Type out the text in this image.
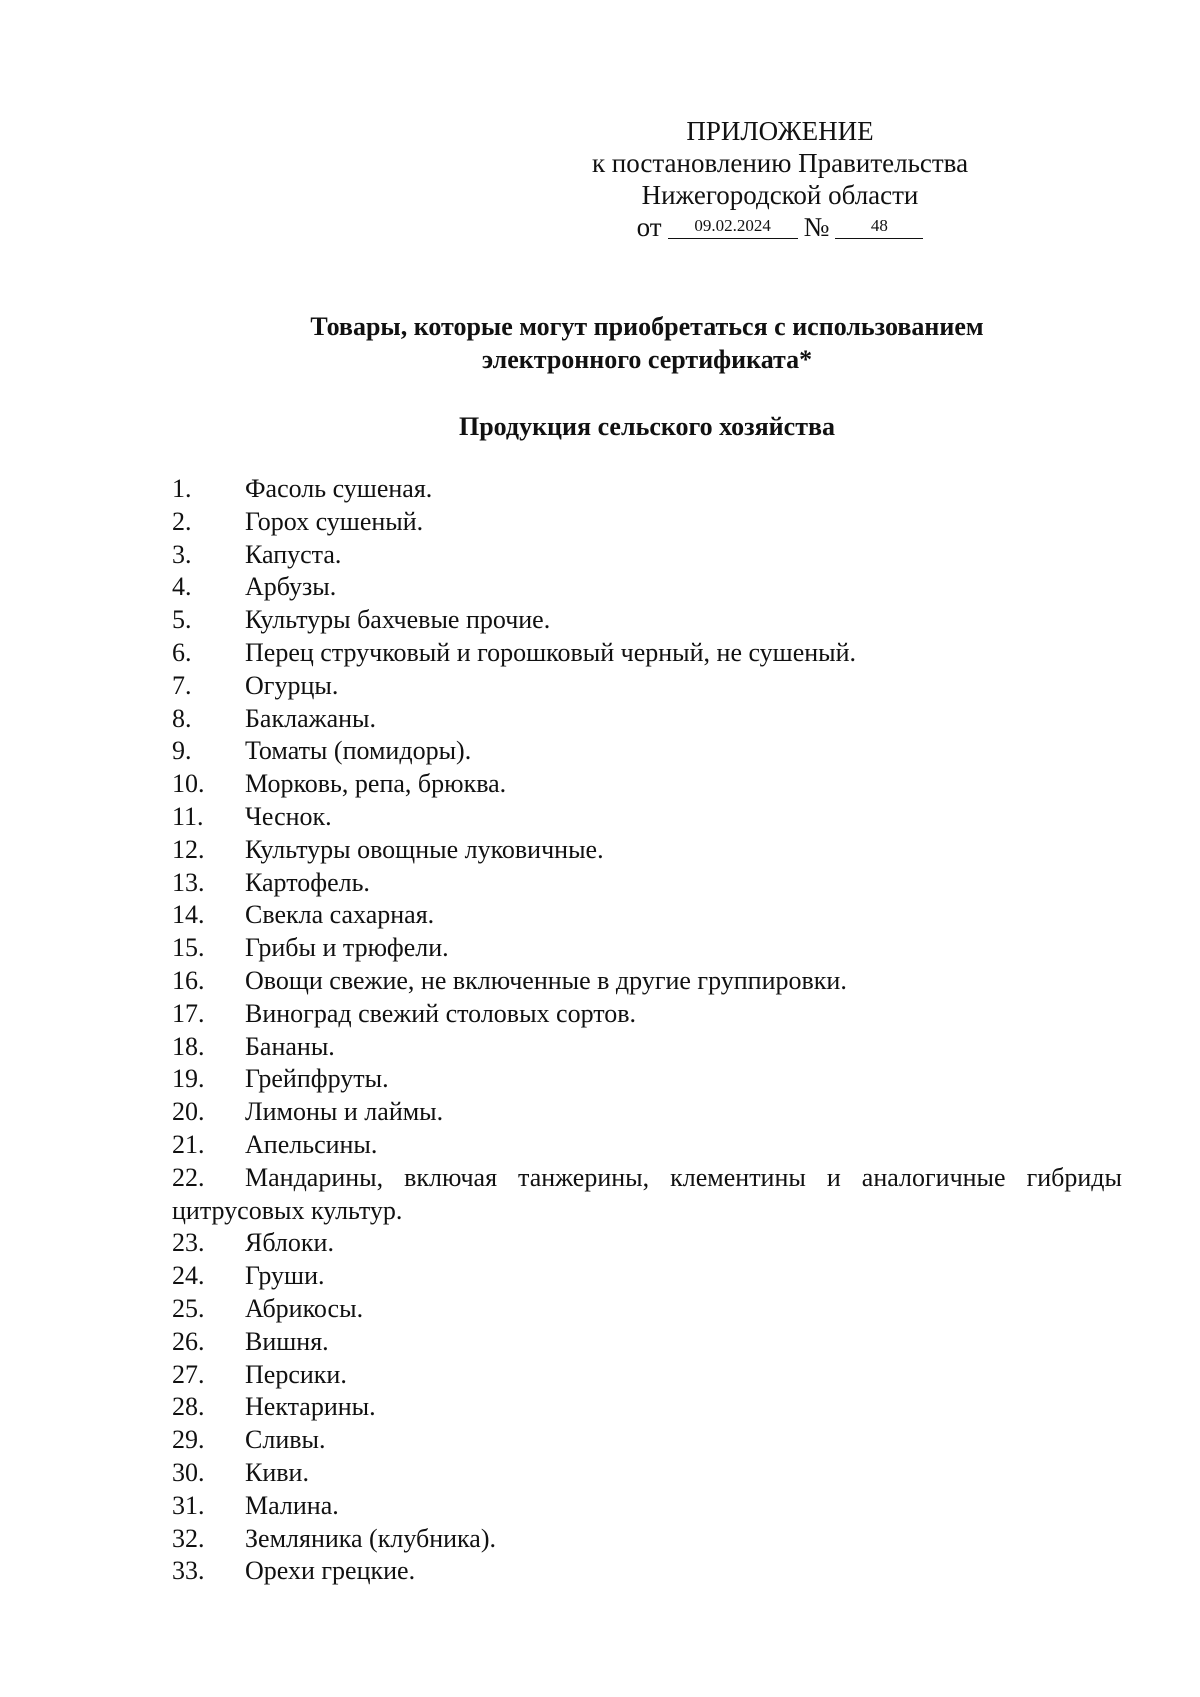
ПРИЛОЖЕНИЕ
к постановлению Правительства
Нижегородской области
от	09.02.2024	№	48
Товары, которые могут приобретаться с использованием
электронного сертификата*
Продукция сельского хозяйства
1. Фасоль сушеная.
2. Горох сушеный.
3. Капуста.
4. Арбузы.
5. Культуры бахчевые прочие.
6. Перец стручковый и горошковый черный, не сушеный.
7. Огурцы.
8. Баклажаны.
9. Томаты (помидоры).
10. Морковь, репа, брюква.
11. Чеснок.
12. Культуры овощные луковичные.
13. Картофель.
14. Свекла сахарная.
15. Грибы и трюфели.
16. Овощи свежие, не включенные в другие группировки.
17. Виноград свежий столовых сортов.
18. Бананы.
19. Грейпфруты.
20. Лимоны и лаймы.
21. Апельсины.
22. Мандарины, включая танжерины, клементины и аналогичные гибриды цитрусовых культур.
23. Яблоки.
24. Груши.
25. Абрикосы.
26. Вишня.
27. Персики.
28. Нектарины.
29. Сливы.
30. Киви.
31. Малина.
32. Земляника (клубника).
33. Орехи грецкие.
